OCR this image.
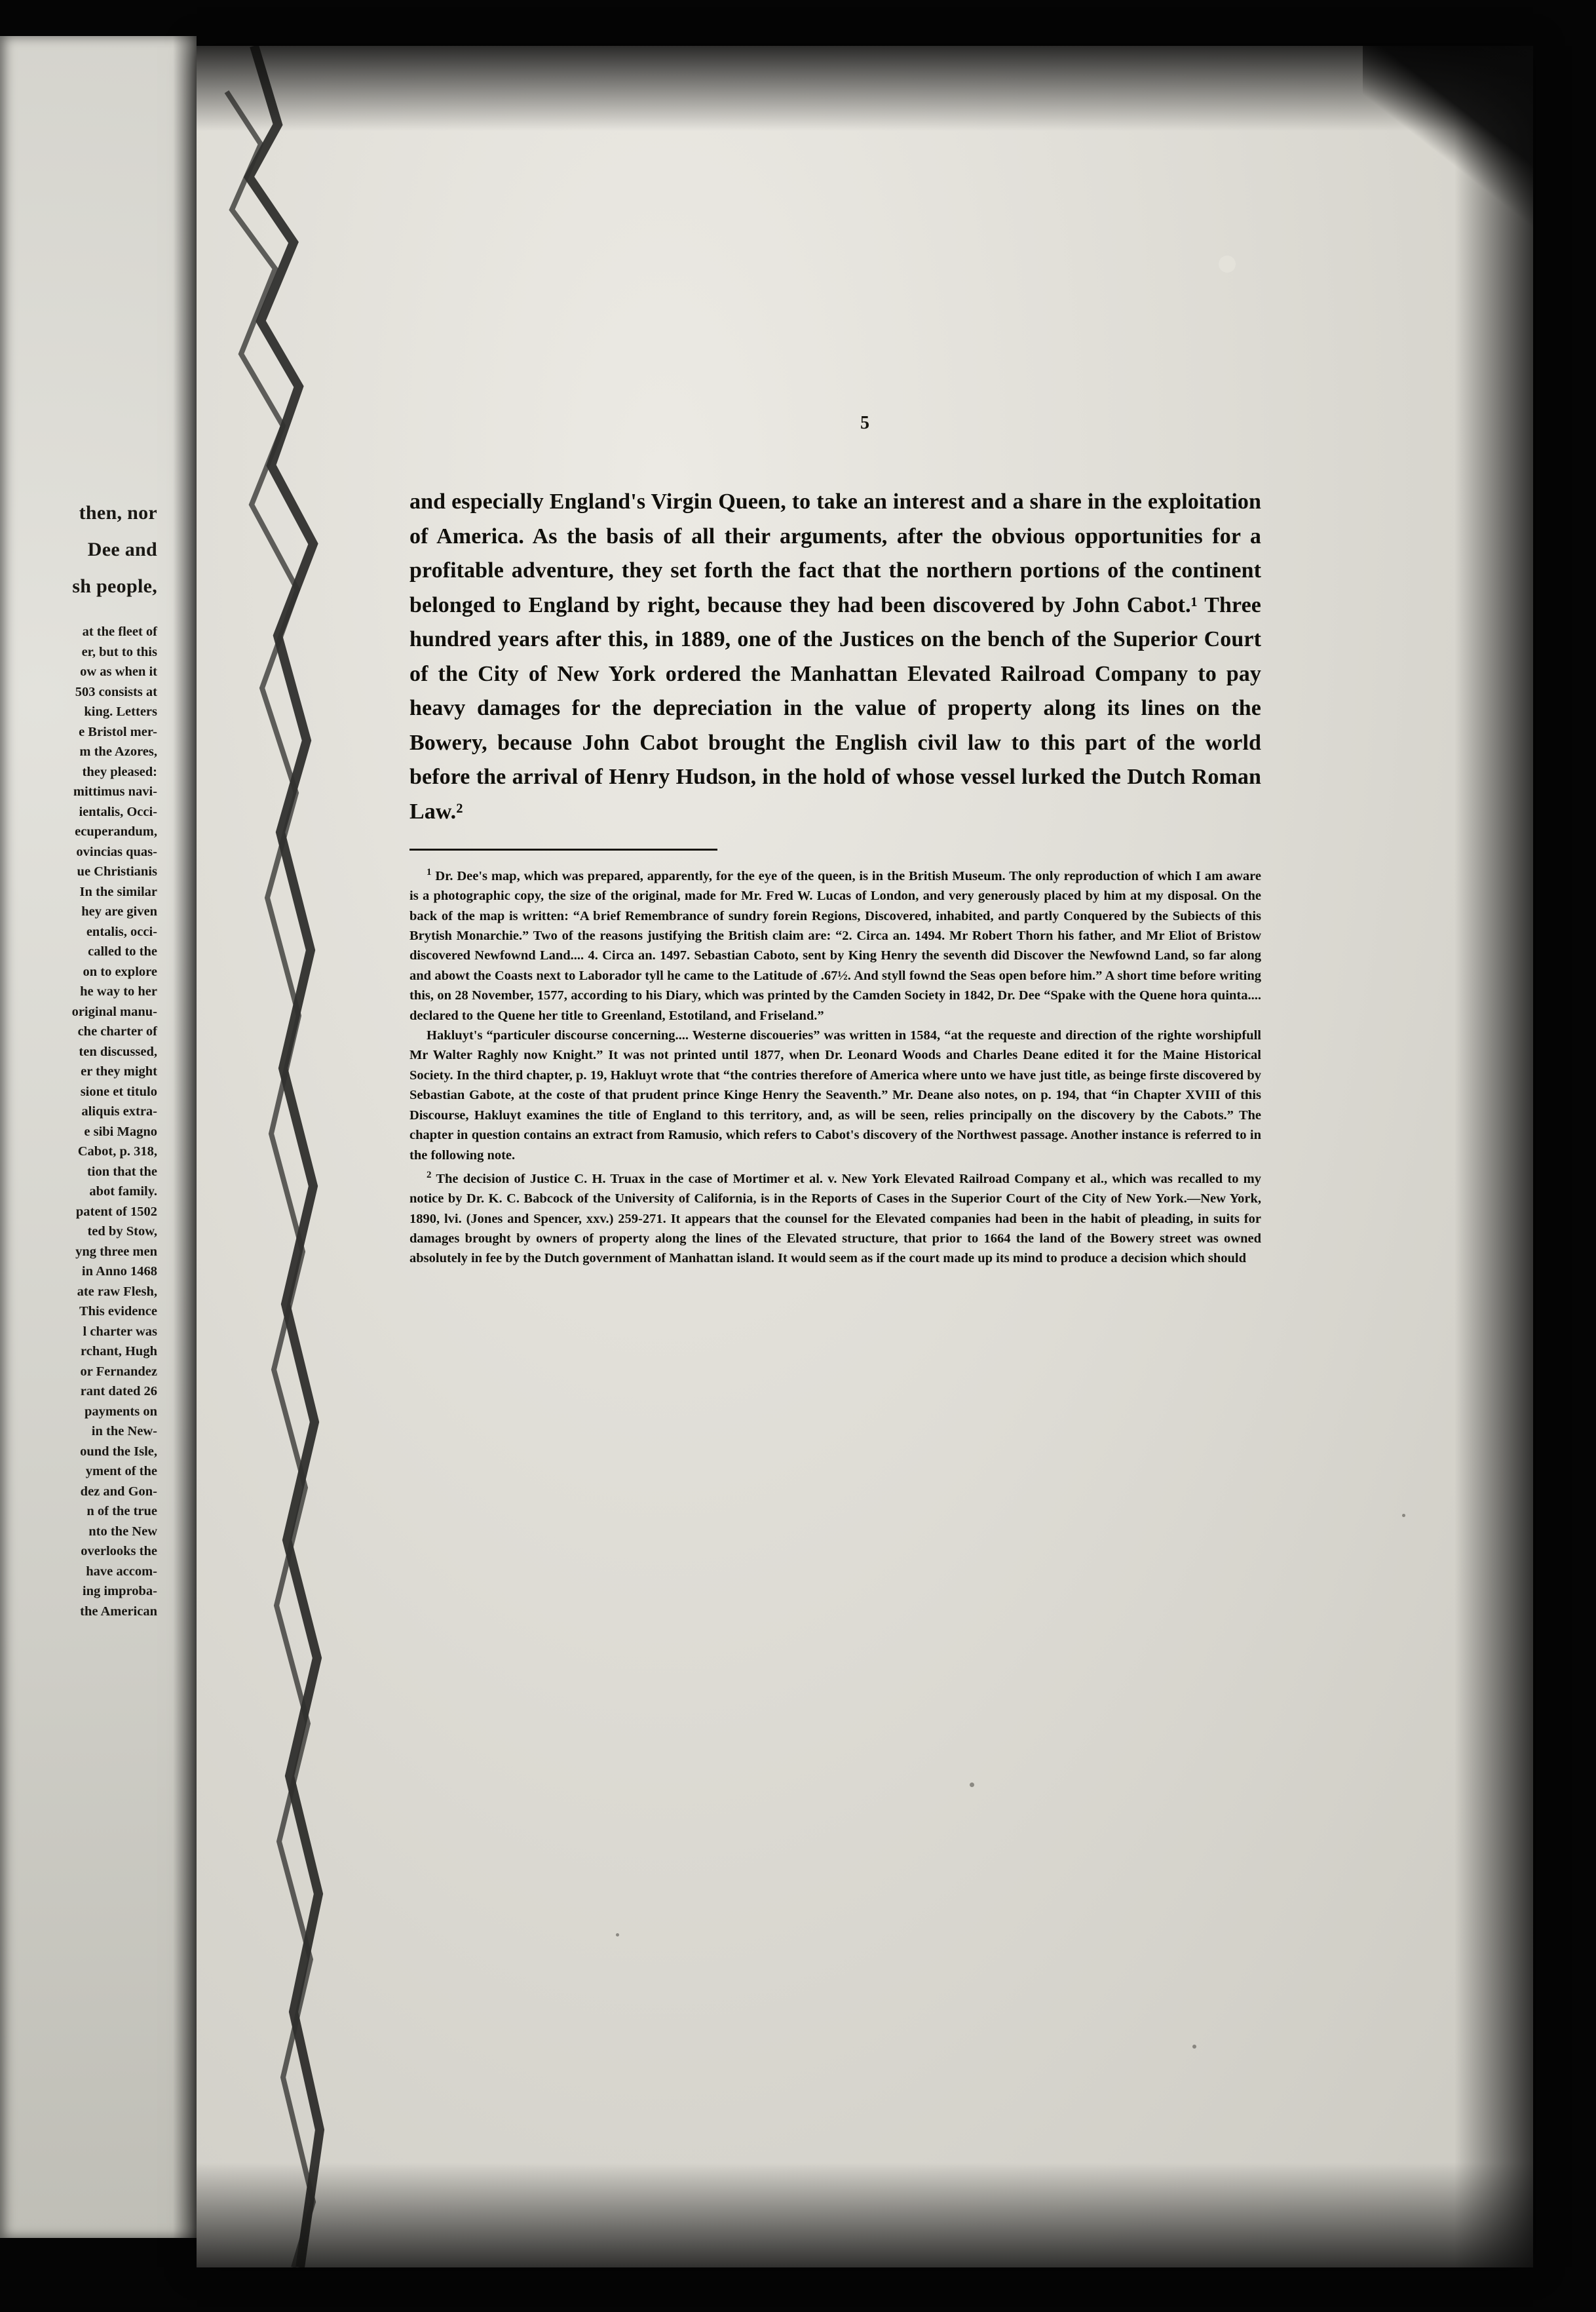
then, nor
Dee and
sh people,
at the fleet of
er, but to this
ow as when it
503 consists at
king. Letters
e Bristol mer-
m the Azores,
they pleased:
mittimus navi-
ientalis, Occi-
ecuperandum,
ovincias quas-
ue Christianis
In the similar
hey are given
entalis, occi-
called to the
on to explore
he way to her
original manu-
che charter of
ten discussed,
er they might
sione et titulo
aliquis extra-
e sibi Magno
Cabot, p. 318,
tion that the
abot family.
patent of 1502
ted by Stow,
yng three men
in Anno 1468
ate raw Flesh,
This evidence
l charter was
rchant, Hugh
or Fernandez
rant dated 26
payments on
in the New-
ound the Isle,
yment of the
dez and Gon-
n of the true
nto the New
overlooks the
have accom-
ing improba-
the American
5
and especially England's Virgin Queen, to take an interest and a share in the exploitation of America. As the basis of all their arguments, after the obvious opportunities for a profitable adventure, they set forth the fact that the northern portions of the continent belonged to England by right, because they had been discovered by John Cabot.¹ Three hundred years after this, in 1889, one of the Justices on the bench of the Superior Court of the City of New York ordered the Manhattan Elevated Railroad Company to pay heavy damages for the depreciation in the value of property along its lines on the Bowery, because John Cabot brought the English civil law to this part of the world before the arrival of Henry Hudson, in the hold of whose vessel lurked the Dutch Roman Law.²

$^1$ Dr. Dee's map, which was prepared, apparently, for the eye of the queen, is in the British Museum. The only reproduction of which I am aware is a photographic copy, the size of the original, made for Mr. Fred W. Lucas of London, and very generously placed by him at my disposal. On the back of the map is written: “A brief Remembrance of sundry forein Regions, Discovered, inhabited, and partly Conquered by the Subiects of this Brytish Monarchie.” Two of the reasons justifying the British claim are: “2. Circa an. 1494. Mr Robert Thorn his father, and Mr Eliot of Bristow discovered Newfownd Land.... 4. Circa an. 1497. Sebastian Caboto, sent by King Henry the seventh did Discover the Newfownd Land, so far along and abowt the Coasts next to Laborador tyll he came to the Latitude of .67½. And styll fownd the Seas open before him.” A short time before writing this, on 28 November, 1577, according to his Diary, which was printed by the Camden Society in 1842, Dr. Dee “Spake with the Quene hora quinta.... declared to the Quene her title to Greenland, Estotiland, and Friseland.”

Hakluyt's “particuler discourse concerning.... Westerne discoueries” was written in 1584, “at the requeste and direction of the righte worshipfull Mr Walter Raghly now Knight.” It was not printed until 1877, when Dr. Leonard Woods and Charles Deane edited it for the Maine Historical Society. In the third chapter, p. 19, Hakluyt wrote that “the contries therefore of America where unto we have just title, as beinge firste discovered by Sebastian Gabote, at the coste of that prudent prince Kinge Henry the Seaventh.” Mr. Deane also notes, on p. 194, that “in Chapter XVIII of this Discourse, Hakluyt examines the title of England to this territory, and, as will be seen, relies principally on the discovery by the Cabots.” The chapter in question contains an extract from Ramusio, which refers to Cabot's discovery of the Northwest passage. Another instance is referred to in the following note.

$^2$ The decision of Justice C. H. Truax in the case of Mortimer et al. v. New York Elevated Railroad Company et al., which was recalled to my notice by Dr. K. C. Babcock of the University of California, is in the Reports of Cases in the Superior Court of the City of New York.—New York, 1890, lvi. (Jones and Spencer, xxv.) 259-271. It appears that the counsel for the Elevated companies had been in the habit of pleading, in suits for damages brought by owners of property along the lines of the Elevated structure, that prior to 1664 the land of the Bowery street was owned absolutely in fee by the Dutch government of Manhattan island. It would seem as if the court made up its mind to produce a decision which should
